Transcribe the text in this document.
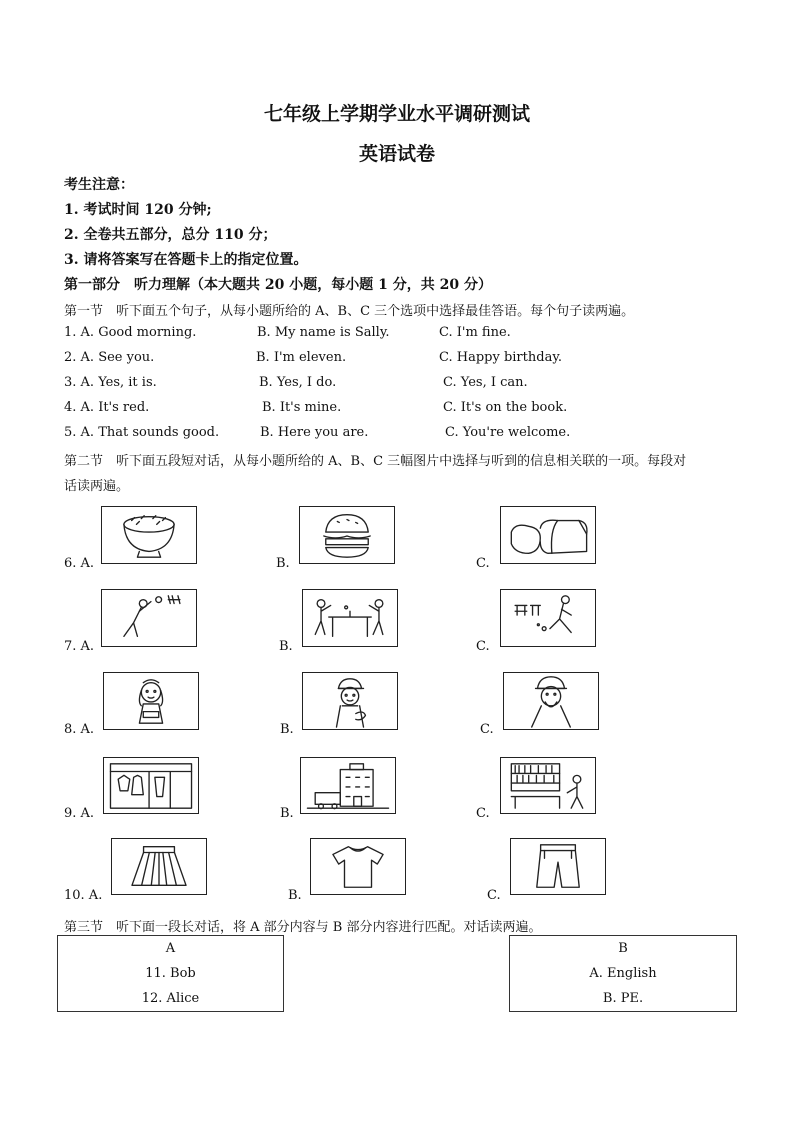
七年级上学期学业水平调研测试
英语试卷
考生注意：
1. 考试时间 120 分钟;
2. 全卷共五部分，总分 110 分；
3. 请将答案写在答题卡上的指定位置。
第一部分　听力理解（本大题共 20 小题，每小题 1 分，共 20 分）
第一节　听下面五个句子，从每小题所给的 A、B、C 三个选项中选择最佳答语。每个句子读两遍。
1. A. Good morning.	B. My name is Sally.	C. I'm fine.
2. A. See you.	B. I'm eleven.	C. Happy birthday.
3. A. Yes, it is.	B. Yes, I do.	C. Yes, I can.
4. A. It's red.	B. It's mine.	C. It's on the book.
5. A. That sounds good.	B. Here you are.	C. You're welcome.
第二节　听下面五段短对话，从每小题所给的 A、B、C 三幅图片中选择与听到的信息相关联的一项。每段对
话读两遍。
6. A.	B.	C.
7. A.	B.	C.
8. A.	B.	C.
9. A.	B.	C.
10. A.	B.	C.
第三节　听下面一段长对话，将 A 部分内容与 B 部分内容进行匹配。对话读两遍。
A
11. Bob
12. Alice
B
A. English
B. PE.
